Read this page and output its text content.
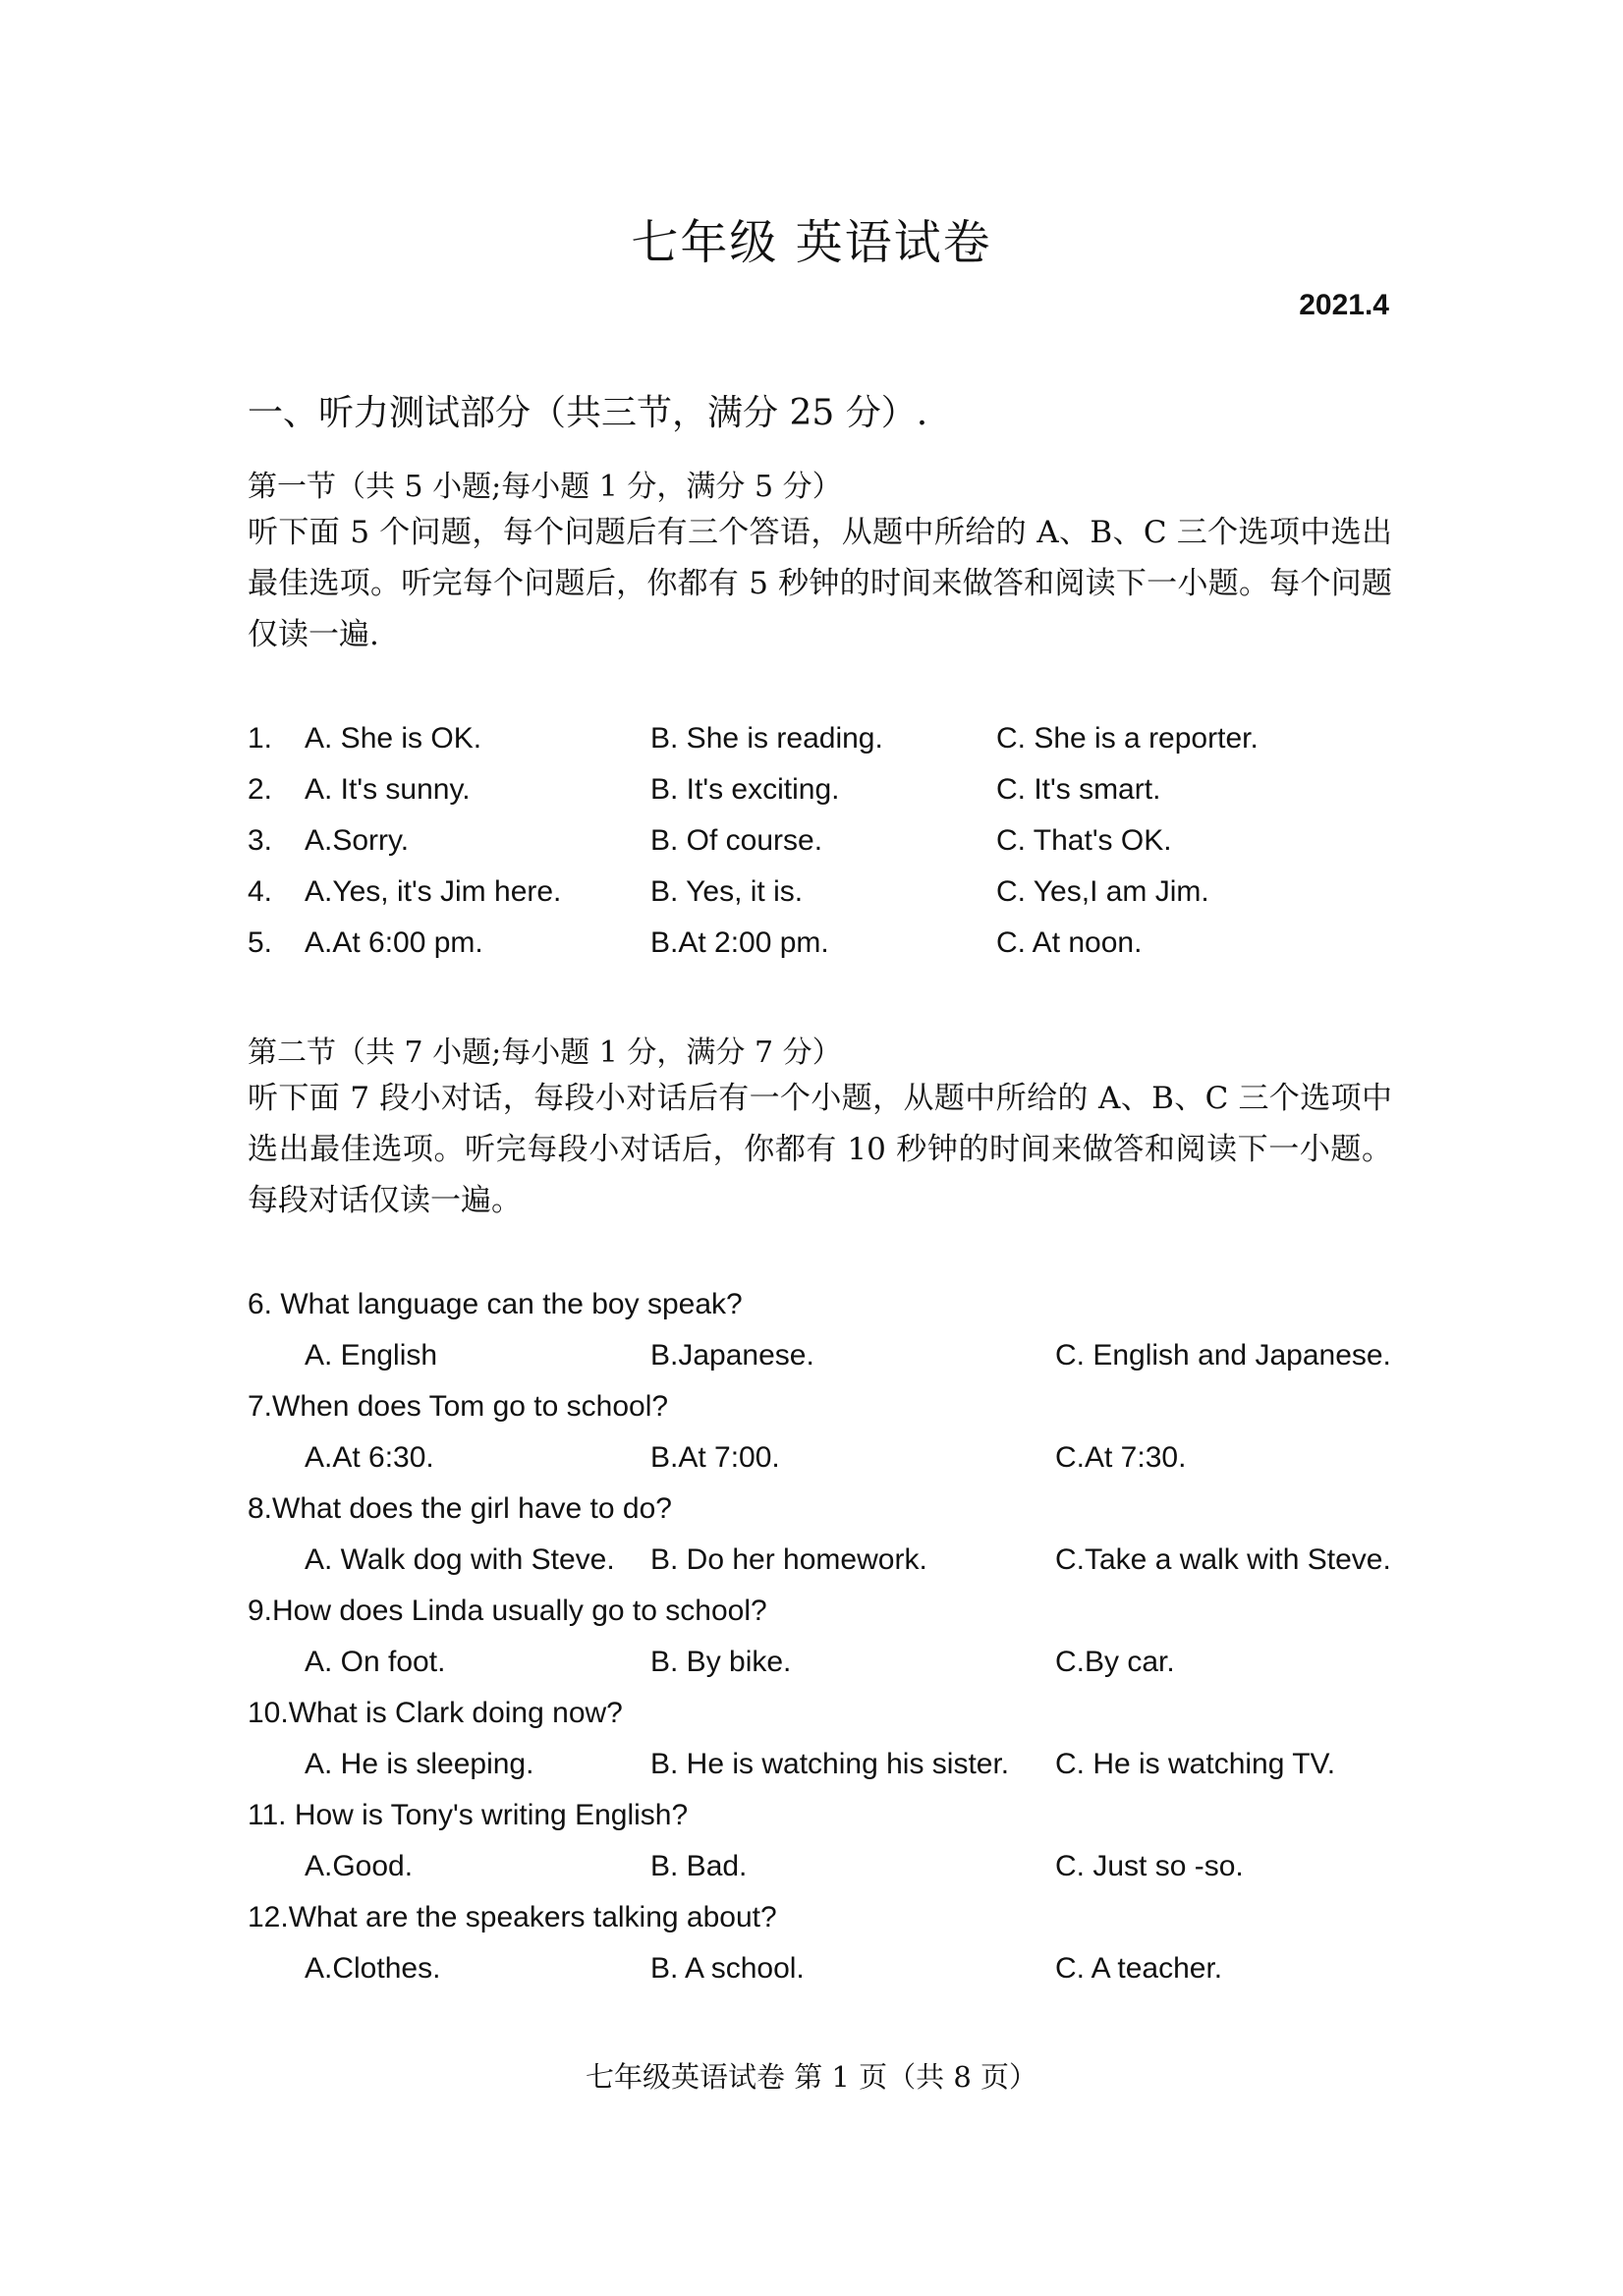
七年级 英语试卷
2021.4
一、听力测试部分（共三节，满分 25 分）.
第一节（共 5 小题;每小题 1 分，满分 5 分）
听下面 5 个问题，每个问题后有三个答语，从题中所给的 A、B、C 三个选项中选出最佳选项。听完每个问题后，你都有 5 秒钟的时间来做答和阅读下一小题。每个问题仅读一遍.
1. A. She is OK.	B. She is reading.	C. She is a reporter.
2. A. It's sunny.	B. It's exciting.	C. It's smart.
3. A.Sorry.	B. Of course.	C. That's OK.
4. A.Yes, it's Jim here.	B. Yes, it is.	C. Yes,I am Jim.
5. A.At 6:00 pm.	B.At 2:00 pm.	C. At noon.
第二节（共 7 小题;每小题 1 分，满分 7 分）
听下面 7 段小对话，每段小对话后有一个小题，从题中所给的 A、B、C 三个选项中选出最佳选项。听完每段小对话后，你都有 10 秒钟的时间来做答和阅读下一小题。每段对话仅读一遍。
6. What language can the boy speak?
A. English	B.Japanese.	C. English and Japanese.
7.When does Tom go to school?
A.At 6:30.	B.At 7:00.	C.At 7:30.
8.What does the girl have to do?
A. Walk dog with Steve. B. Do her homework.	C.Take a walk with Steve.
9.How does Linda usually go to school?
A. On foot.	B. By bike.	C.By car.
10.What is Clark doing now?
A. He is sleeping.	B. He is watching his sister. C. He is watching TV.
11. How is Tony's writing English?
A.Good.	B. Bad.	C. Just so -so.
12.What are the speakers talking about?
A.Clothes.	B. A school.	C. A teacher.
七年级英语试卷 第 1 页（共 8 页）
